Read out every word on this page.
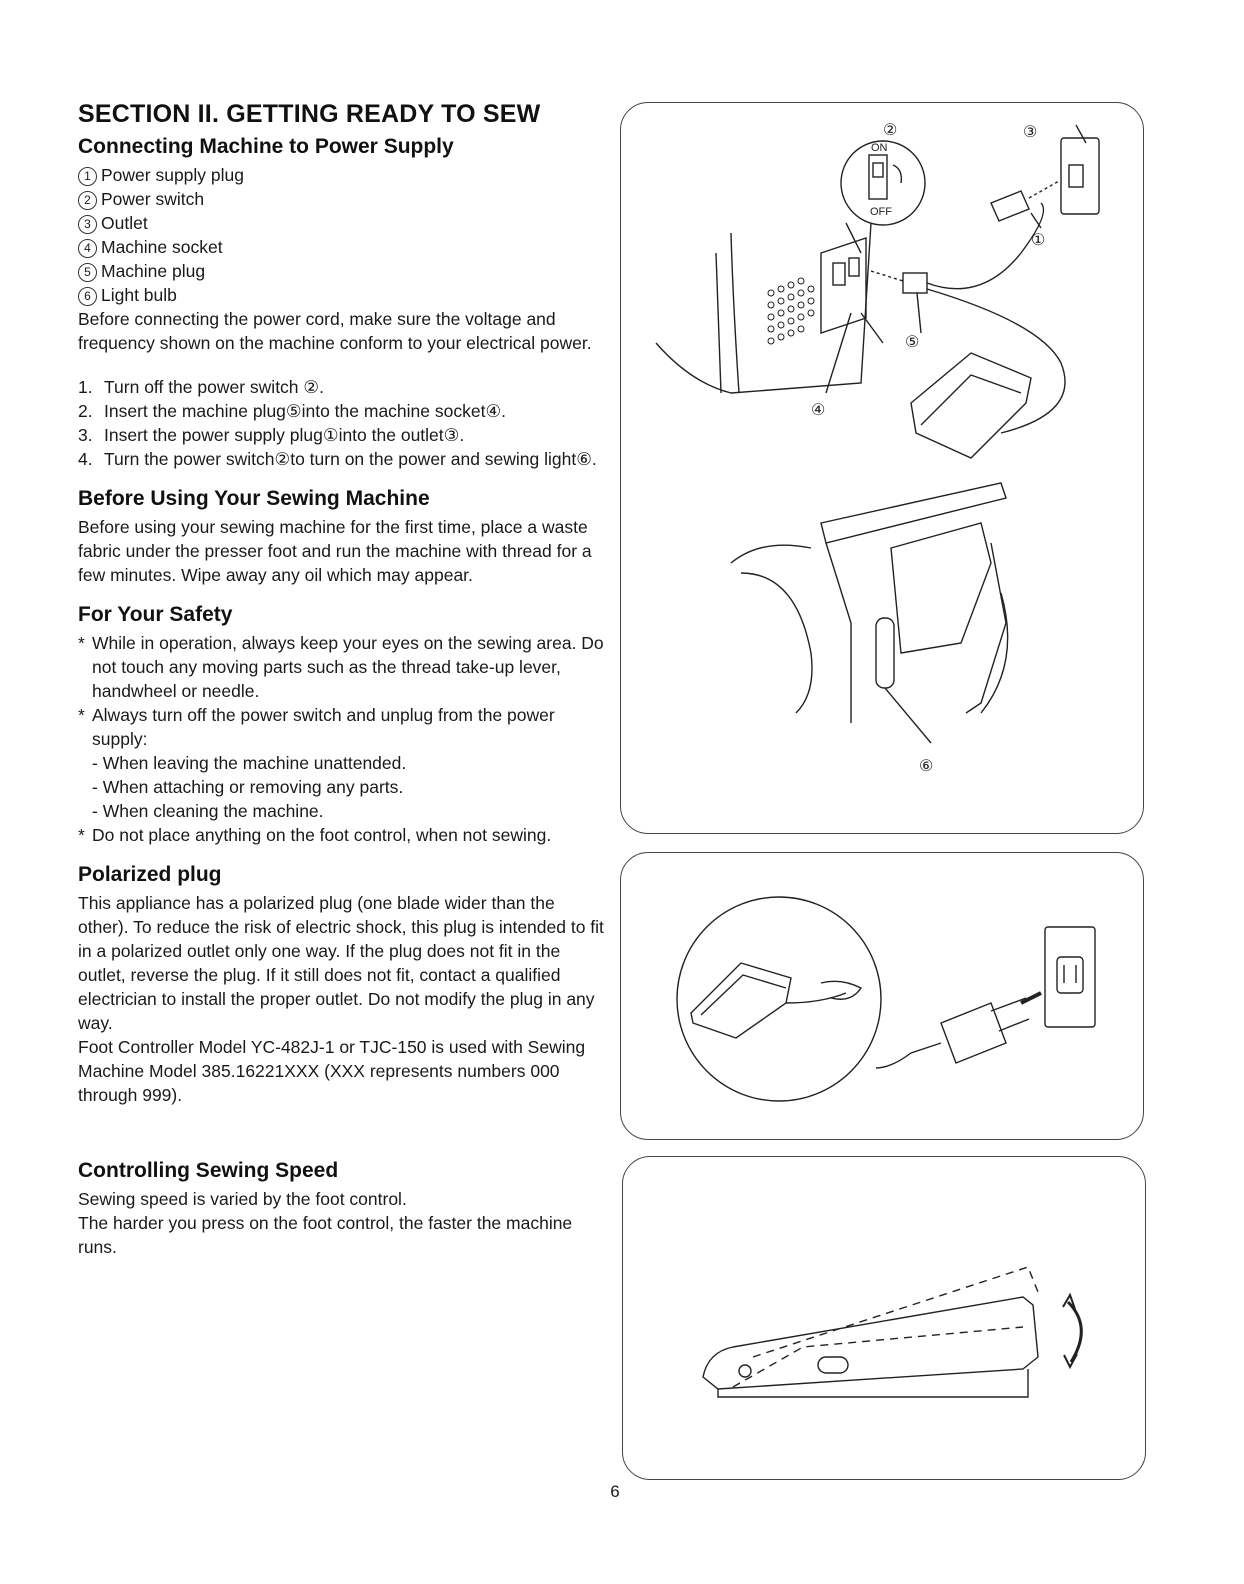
SECTION II. GETTING READY TO SEW
Connecting Machine to Power Supply
1 Power supply plug
2 Power switch
3 Outlet
4 Machine socket
5 Machine plug
6 Light bulb

Before connecting the power cord, make sure the voltage and frequency shown on the machine conform to your electrical power.

1. Turn off the power switch ②.
2. Insert the machine plug⑤into the machine socket④.
3. Insert the power supply plug①into the outlet③.
4. Turn the power switch②to turn on the power and sewing light⑥.
Before Using Your Sewing Machine

Before using your sewing machine for the first time, place a waste fabric under the presser foot and run the machine with thread for a few minutes. Wipe away any oil which may appear.

For Your Safety
* While in operation, always keep your eyes on the sewing area. Do not touch any moving parts such as the thread take-up lever, handwheel or needle.
* Always turn off the power switch and unplug from the power supply:
- When leaving the machine unattended.
- When attaching or removing any parts.
- When cleaning the machine.
* Do not place anything on the foot control, when not sewing.
Polarized plug

This appliance has a polarized plug (one blade wider than the other). To reduce the risk of electric shock, this plug is intended to fit in a polarized outlet only one way. If the plug does not fit in the outlet, reverse the plug. If it still does not fit, contact a qualified electrician to install the proper outlet. Do not modify the plug in any way.

Foot Controller Model YC-482J-1 or TJC-150 is used with Sewing Machine Model 385.16221XXX (XXX represents numbers 000 through 999).

Controlling Sewing Speed

Sewing speed is varied by the foot control.

The harder you press on the foot control, the faster the machine runs.

ON
OFF
②	③
①
⑤
④
⑥
6
